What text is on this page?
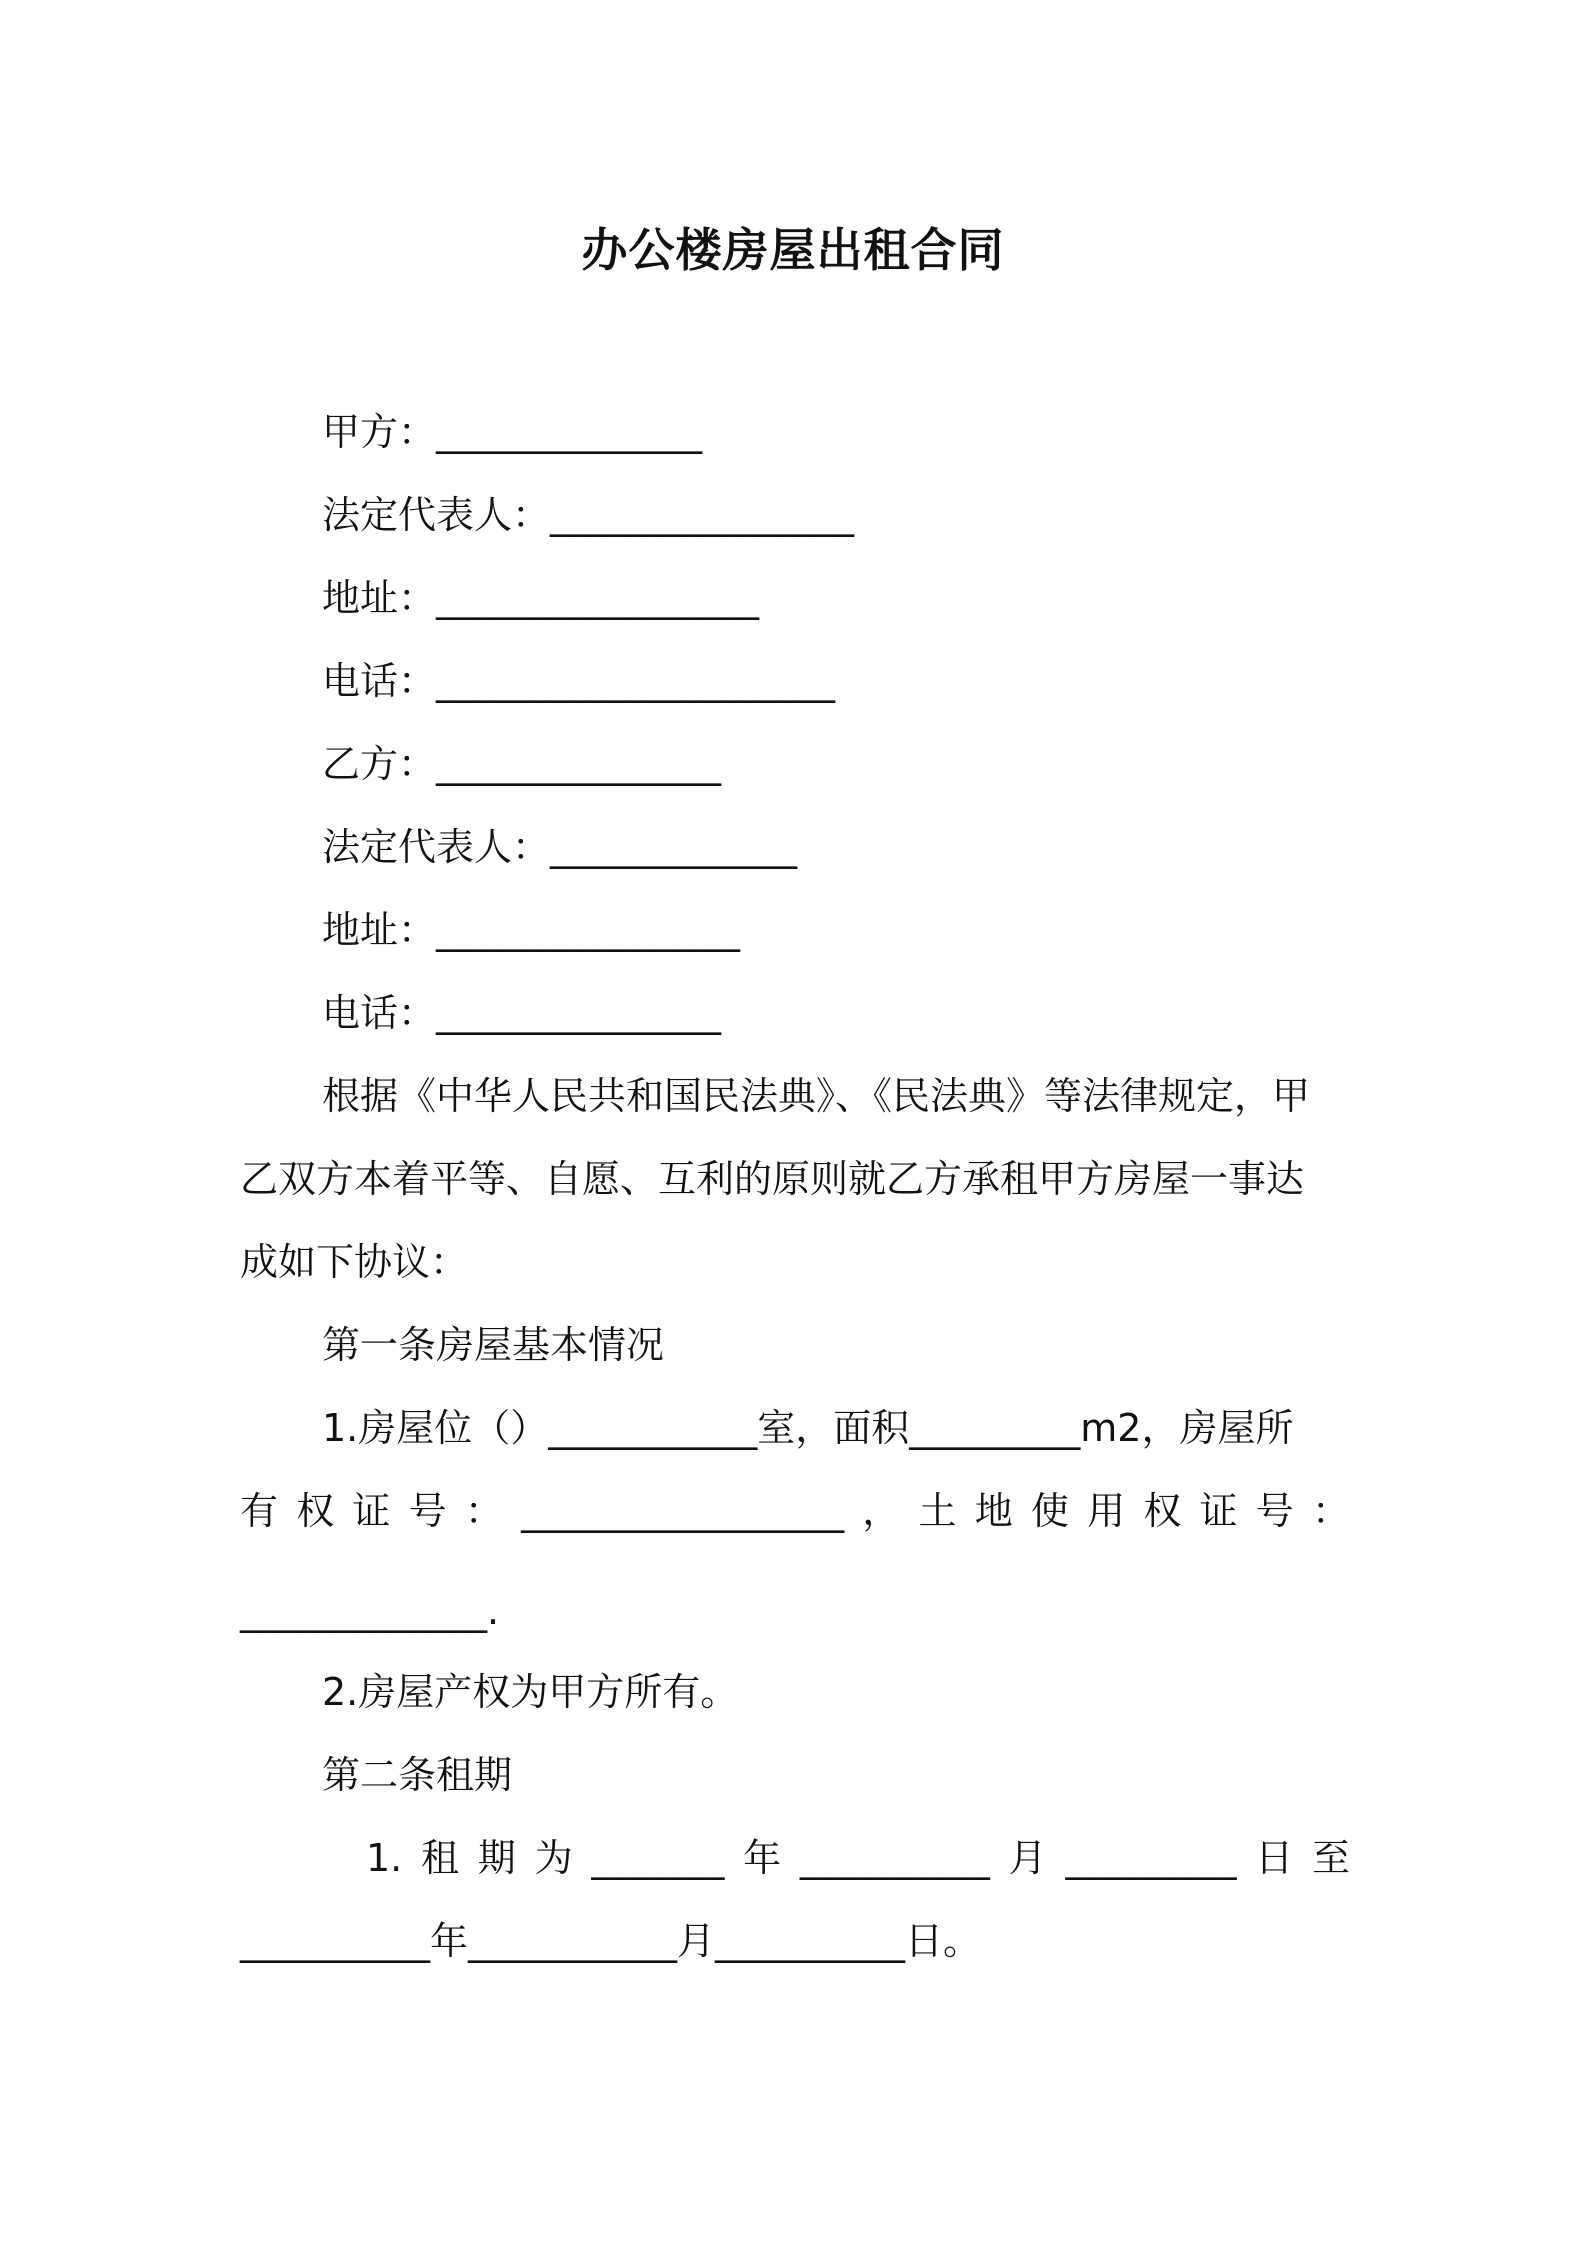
办公楼房屋出租合同
甲方：______________
法定代表人：________________
地址：_________________
电话：_____________________
乙方：_______________
法定代表人：_____________
地址：________________
电话：_______________
根据《中华人民共和国民法典》、《民法典》等法律规定，甲
乙双方本着平等、自愿、互利的原则就乙方承租甲方房屋一事达
成如下协议：
第一条房屋基本情况
1.房屋位（）___________室，面积_________m2，房屋所
有权证号：_________________，土地使用权证号：
_____________.
2.房屋产权为甲方所有。
第二条租期
1.租期为_______年__________月_________日至
__________年___________月__________日。
